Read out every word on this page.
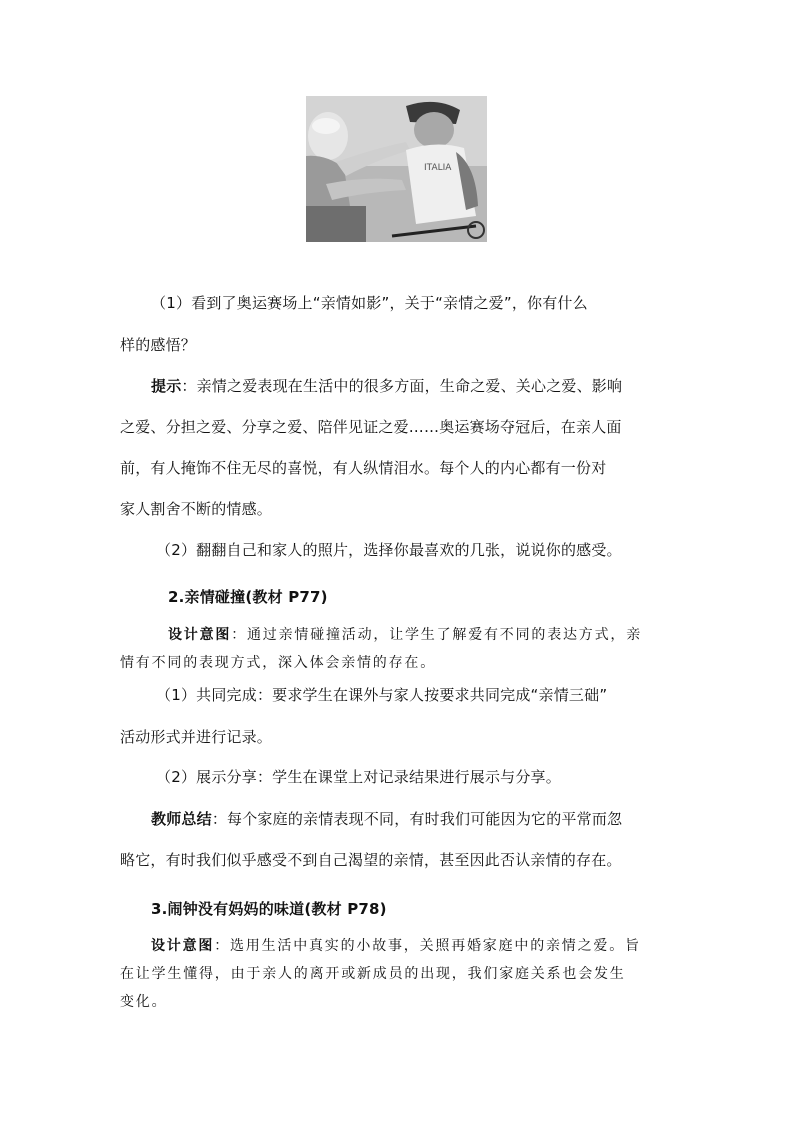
ITALIA
（1）看到了奥运赛场上“亲情如影”，关于“亲情之爱”，你有什么
样的感悟？
提示：亲情之爱表现在生活中的很多方面，生命之爱、关心之爱、影响
之爱、分担之爱、分享之爱、陪伴见证之爱……奥运赛场夺冠后，在亲人面
前，有人掩饰不住无尽的喜悦，有人纵情泪水。每个人的内心都有一份对
家人割舍不断的情感。
（2）翻翻自己和家人的照片，选择你最喜欢的几张，说说你的感受。
2.亲情碰撞(教材 P77)
设计意图：通过亲情碰撞活动，让学生了解爱有不同的表达方式，亲
情有不同的表现方式，深入体会亲情的存在。
（1）共同完成：要求学生在课外与家人按要求共同完成“亲情三础”
活动形式并进行记录。
（2）展示分享：学生在课堂上对记录结果进行展示与分享。
教师总结：每个家庭的亲情表现不同，有时我们可能因为它的平常而忽
略它，有时我们似乎感受不到自己渴望的亲情，甚至因此否认亲情的存在。
3.闹钟没有妈妈的味道(教材 P78)
设计意图：选用生活中真实的小故事，关照再婚家庭中的亲情之爱。旨
在让学生懂得，由于亲人的离开或新成员的出现，我们家庭关系也会发生
变化。
